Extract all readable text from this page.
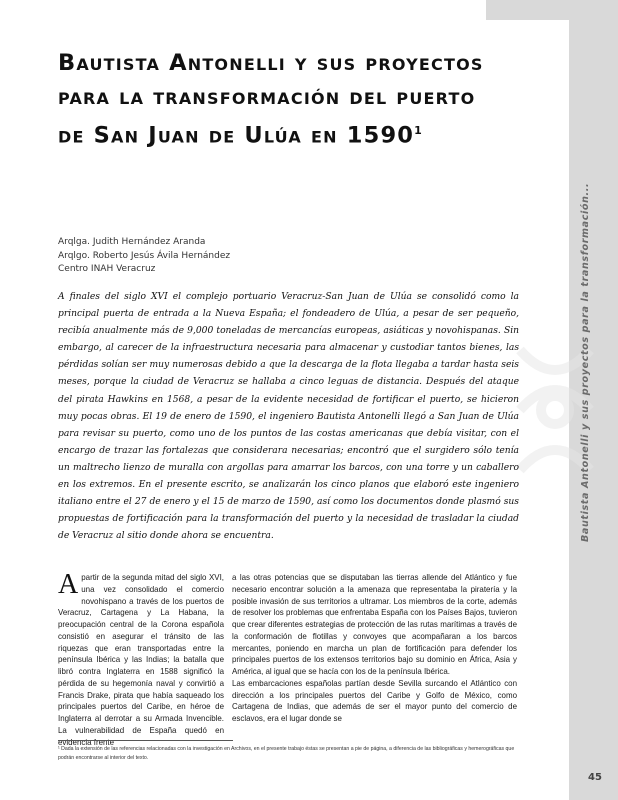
Bautista Antonelli y sus proyectos para la transformación...
45
Bautista Antonelli y sus proyectos para la transformación del puerto de San Juan de Ulúa en 1590$^1$
Arqlga. Judith Hernández Aranda
Arqlgo. Roberto Jesús Ávila Hernández
Centro INAH Veracruz

A finales del siglo XVI el complejo portuario Veracruz-San Juan de Ulúa se consolidó como la principal puerta de entrada a la Nueva España; el fondeadero de Ulúa, a pesar de ser pequeño, recibía anualmente más de 9,000 toneladas de mercancías europeas, asiáticas y novohispanas. Sin embargo, al carecer de la infraestructura necesaria para almacenar y custodiar tantos bienes, las pérdidas solían ser muy numerosas debido a que la descarga de la flota llegaba a tardar hasta seis meses, porque la ciudad de Veracruz se hallaba a cinco leguas de distancia. Después del ataque del pirata Hawkins en 1568, a pesar de la evidente necesidad de fortificar el puerto, se hicieron muy pocas obras. El 19 de enero de 1590, el ingeniero Bautista Antonelli llegó a San Juan de Ulúa para revisar su puerto, como uno de los puntos de las costas americanas que debía visitar, con el encargo de trazar las fortalezas que considerara necesarias; encontró que el surgidero sólo tenía un maltrecho lienzo de muralla con argollas para amarrar los barcos, con una torre y un caballero en los extremos. En el presente escrito, se analizarán los cinco planos que elaboró este ingeniero italiano entre el 27 de enero y el 15 de marzo de 1590, así como los documentos donde plasmó sus propuestas de fortificación para la transformación del puerto y la necesidad de trasladar la ciudad de Veracruz al sitio donde ahora se encuentra.

A partir de la segunda mitad del siglo XVI, una vez consolidado el comercio novohispano a través de los puertos de Veracruz, Cartagena y La Habana, la preocupación central de la Corona española consistió en asegurar el tránsito de las riquezas que eran transportadas entre la península Ibérica y las Indias; la batalla que libró contra Inglaterra en 1588 significó la pérdida de su hegemonía naval y convirtió a Francis Drake, pirata que había saqueado los principales puertos del Caribe, en héroe de Inglaterra al derrotar a su Armada Invencible. La vulnerabilidad de España quedó en evidencia frente

a las otras potencias que se disputaban las tierras allende del Atlántico y fue necesario encontrar solución a la amenaza que representaba la piratería y la posible invasión de sus territorios a ultramar. Los miembros de la corte, además de resolver los problemas que enfrentaba España con los Países Bajos, tuvieron que crear diferentes estrategias de protección de las rutas marítimas a través de la conformación de flotillas y convoyes que acompañaran a los barcos mercantes, poniendo en marcha un plan de fortificación para defender los principales puertos de los extensos territorios bajo su dominio en África, Asia y América, al igual que se hacía con los de la península Ibérica.

Las embarcaciones españolas partían desde Sevilla surcando el Atlántico con dirección a los principales puertos del Caribe y Golfo de México, como Cartagena de Indias, que además de ser el mayor punto del comercio de esclavos, era el lugar donde se

¹ Dada la extensión de las referencias relacionadas con la investigación en Archivos, en el presente trabajo éstas se presentan a pie de página, a diferencia de las bibliográficas y hemerográficas que podrán encontrarse al interior del texto.
